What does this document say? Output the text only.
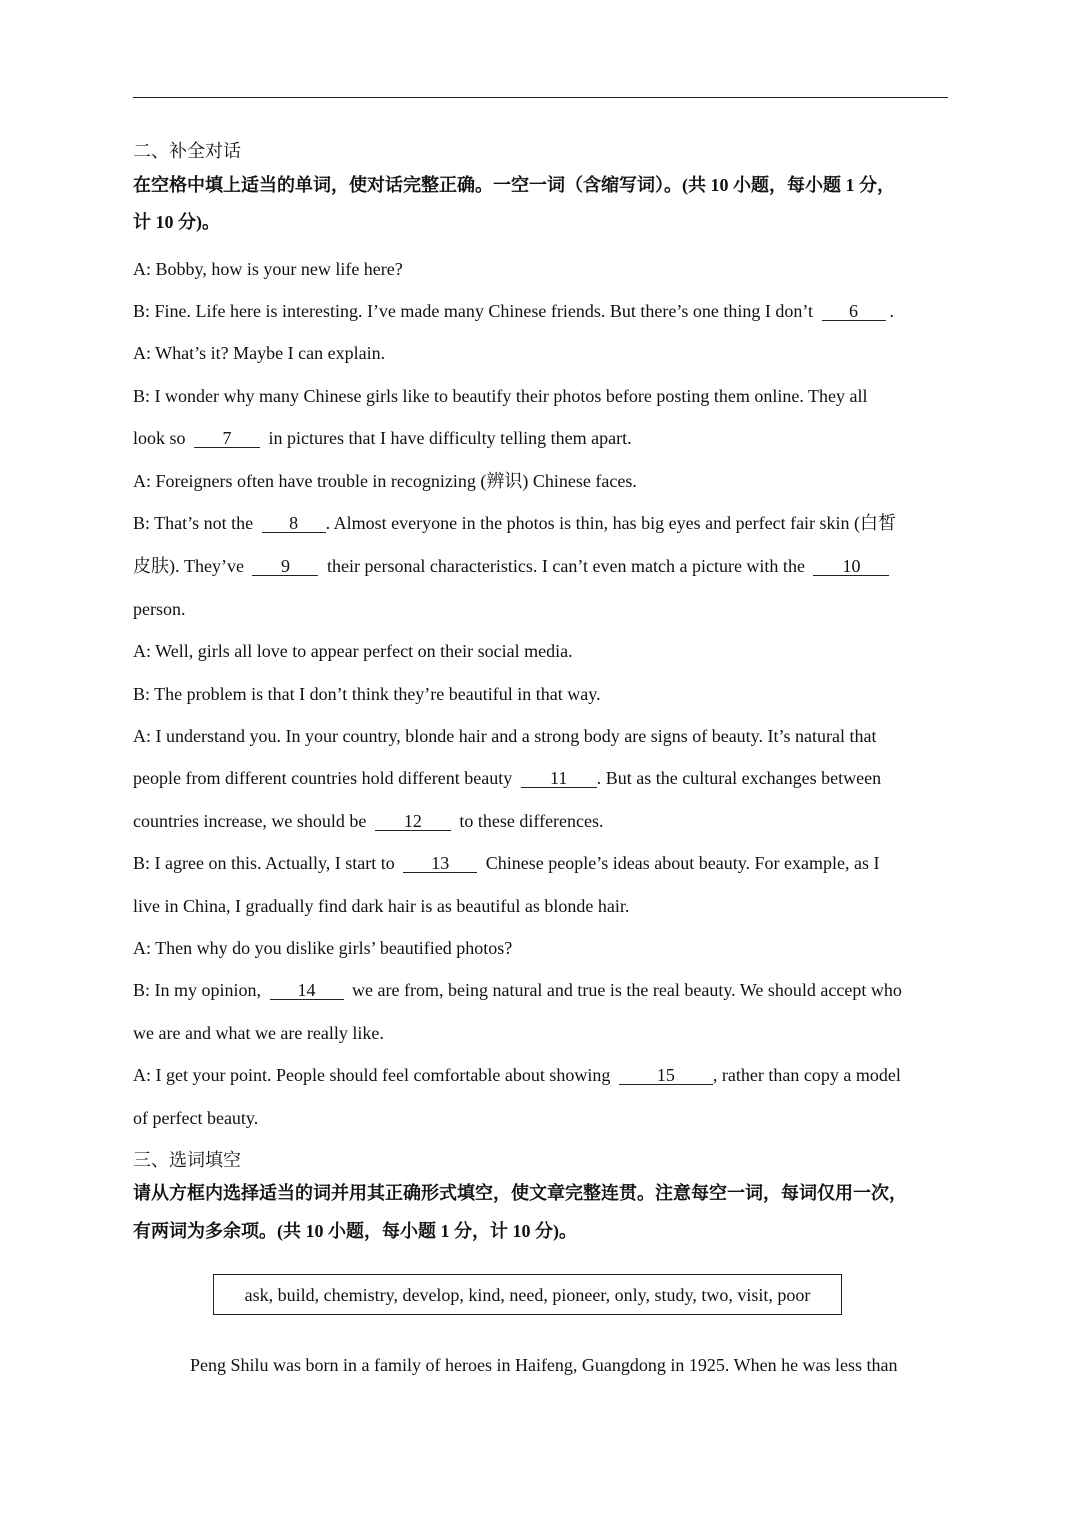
二、补全对话
在空格中填上适当的单词，使对话完整正确。一空一词（含缩写词）。(共 10 小题，每小题 1 分，
计 10 分)。
A: Bobby, how is your new life here?
B: Fine. Life here is interesting. I’ve made many Chinese friends. But there’s one thing I don’t 6 .
A: What’s it? Maybe I can explain.
B: I wonder why many Chinese girls like to beautify their photos before posting them online. They all
look so 7 in pictures that I have difficulty telling them apart.
A: Foreigners often have trouble in recognizing (辨识) Chinese faces.
B: That’s not the 8 . Almost everyone in the photos is thin, has big eyes and perfect fair skin (白皙
皮肤). They’ve 9 their personal characteristics. I can’t even match a picture with the 10
person.
A: Well, girls all love to appear perfect on their social media.
B: The problem is that I don’t think they’re beautiful in that way.
A: I understand you. In your country, blonde hair and a strong body are signs of beauty. It’s natural that
people from different countries hold different beauty 11 . But as the cultural exchanges between
countries increase, we should be 12 to these differences.
B: I agree on this. Actually, I start to 13 Chinese people’s ideas about beauty. For example, as I
live in China, I gradually find dark hair is as beautiful as blonde hair.
A: Then why do you dislike girls’ beautified photos?
B: In my opinion, 14 we are from, being natural and true is the real beauty. We should accept who
we are and what we are really like.
A: I get your point. People should feel comfortable about showing	15 , rather than copy a model
of perfect beauty.
三、选词填空
请从方框内选择适当的词并用其正确形式填空，使文章完整连贯。注意每空一词，每词仅用一次，
有两词为多余项。(共 10 小题，每小题 1 分，计 10 分)。
ask, build, chemistry, develop, kind, need, pioneer, only, study, two, visit, poor
Peng Shilu was born in a family of heroes in Haifeng, Guangdong in 1925. When he was less than
